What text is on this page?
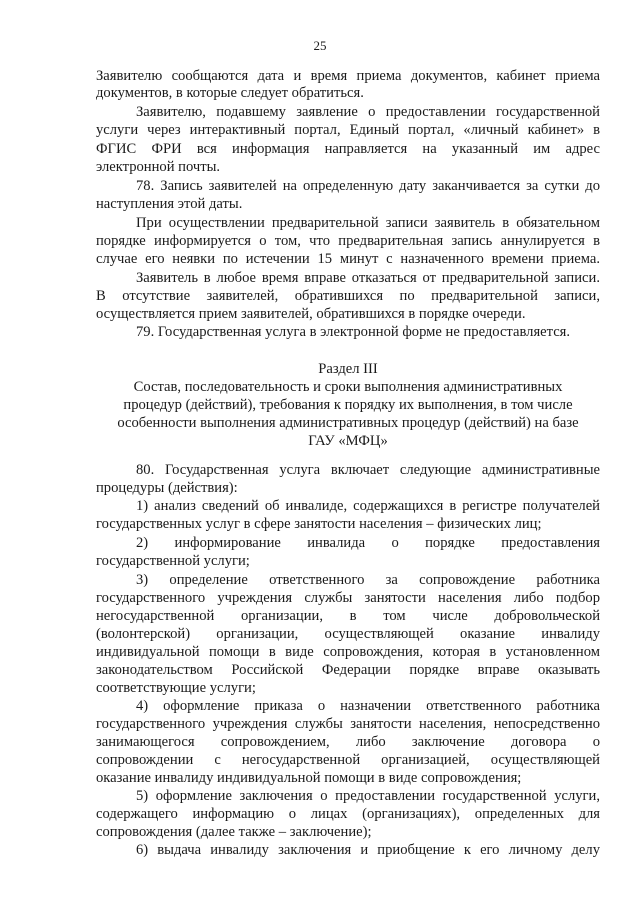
25
Заявителю сообщаются дата и время приема документов, кабинет приема
документов, в которые следует обратиться.
Заявителю, подавшему заявление о предоставлении государственной
услуги через интерактивный портал, Единый портал, «личный кабинет» в
ФГИС ФРИ вся информация направляется на указанный им адрес
электронной почты.
78. Запись заявителей на определенную дату заканчивается за сутки до
наступления этой даты.
При осуществлении предварительной записи заявитель в обязательном
порядке информируется о том, что предварительная запись аннулируется в
случае его неявки по истечении 15 минут с назначенного времени приема.
Заявитель в любое время вправе отказаться от предварительной записи.
В отсутствие заявителей, обратившихся по предварительной записи,
осуществляется прием заявителей, обратившихся в порядке очереди.
79. Государственная услуга в электронной форме не предоставляется.
Раздел III
Состав, последовательность и сроки выполнения административных
процедур (действий), требования к порядку их выполнения, в том числе
особенности выполнения административных процедур (действий) на базе
ГАУ «МФЦ»
80. Государственная услуга включает следующие административные
процедуры (действия):
1) анализ сведений об инвалиде, содержащихся в регистре получателей
государственных услуг в сфере занятости населения – физических лиц;
2) информирование инвалида о порядке предоставления
государственной услуги;
3) определение ответственного за сопровождение работника
государственного учреждения службы занятости населения либо подбор
негосударственной организации, в том числе добровольческой
(волонтерской) организации, осуществляющей оказание инвалиду
индивидуальной помощи в виде сопровождения, которая в установленном
законодательством Российской Федерации порядке вправе оказывать
соответствующие услуги;
4) оформление приказа о назначении ответственного работника
государственного учреждения службы занятости населения, непосредственно
занимающегося сопровождением, либо заключение договора о
сопровождении с негосударственной организацией, осуществляющей
оказание инвалиду индивидуальной помощи в виде сопровождения;
5) оформление заключения о предоставлении государственной услуги,
содержащего информацию о лицах (организациях), определенных для
сопровождения (далее также – заключение);
6) выдача инвалиду заключения и приобщение к его личному делу
